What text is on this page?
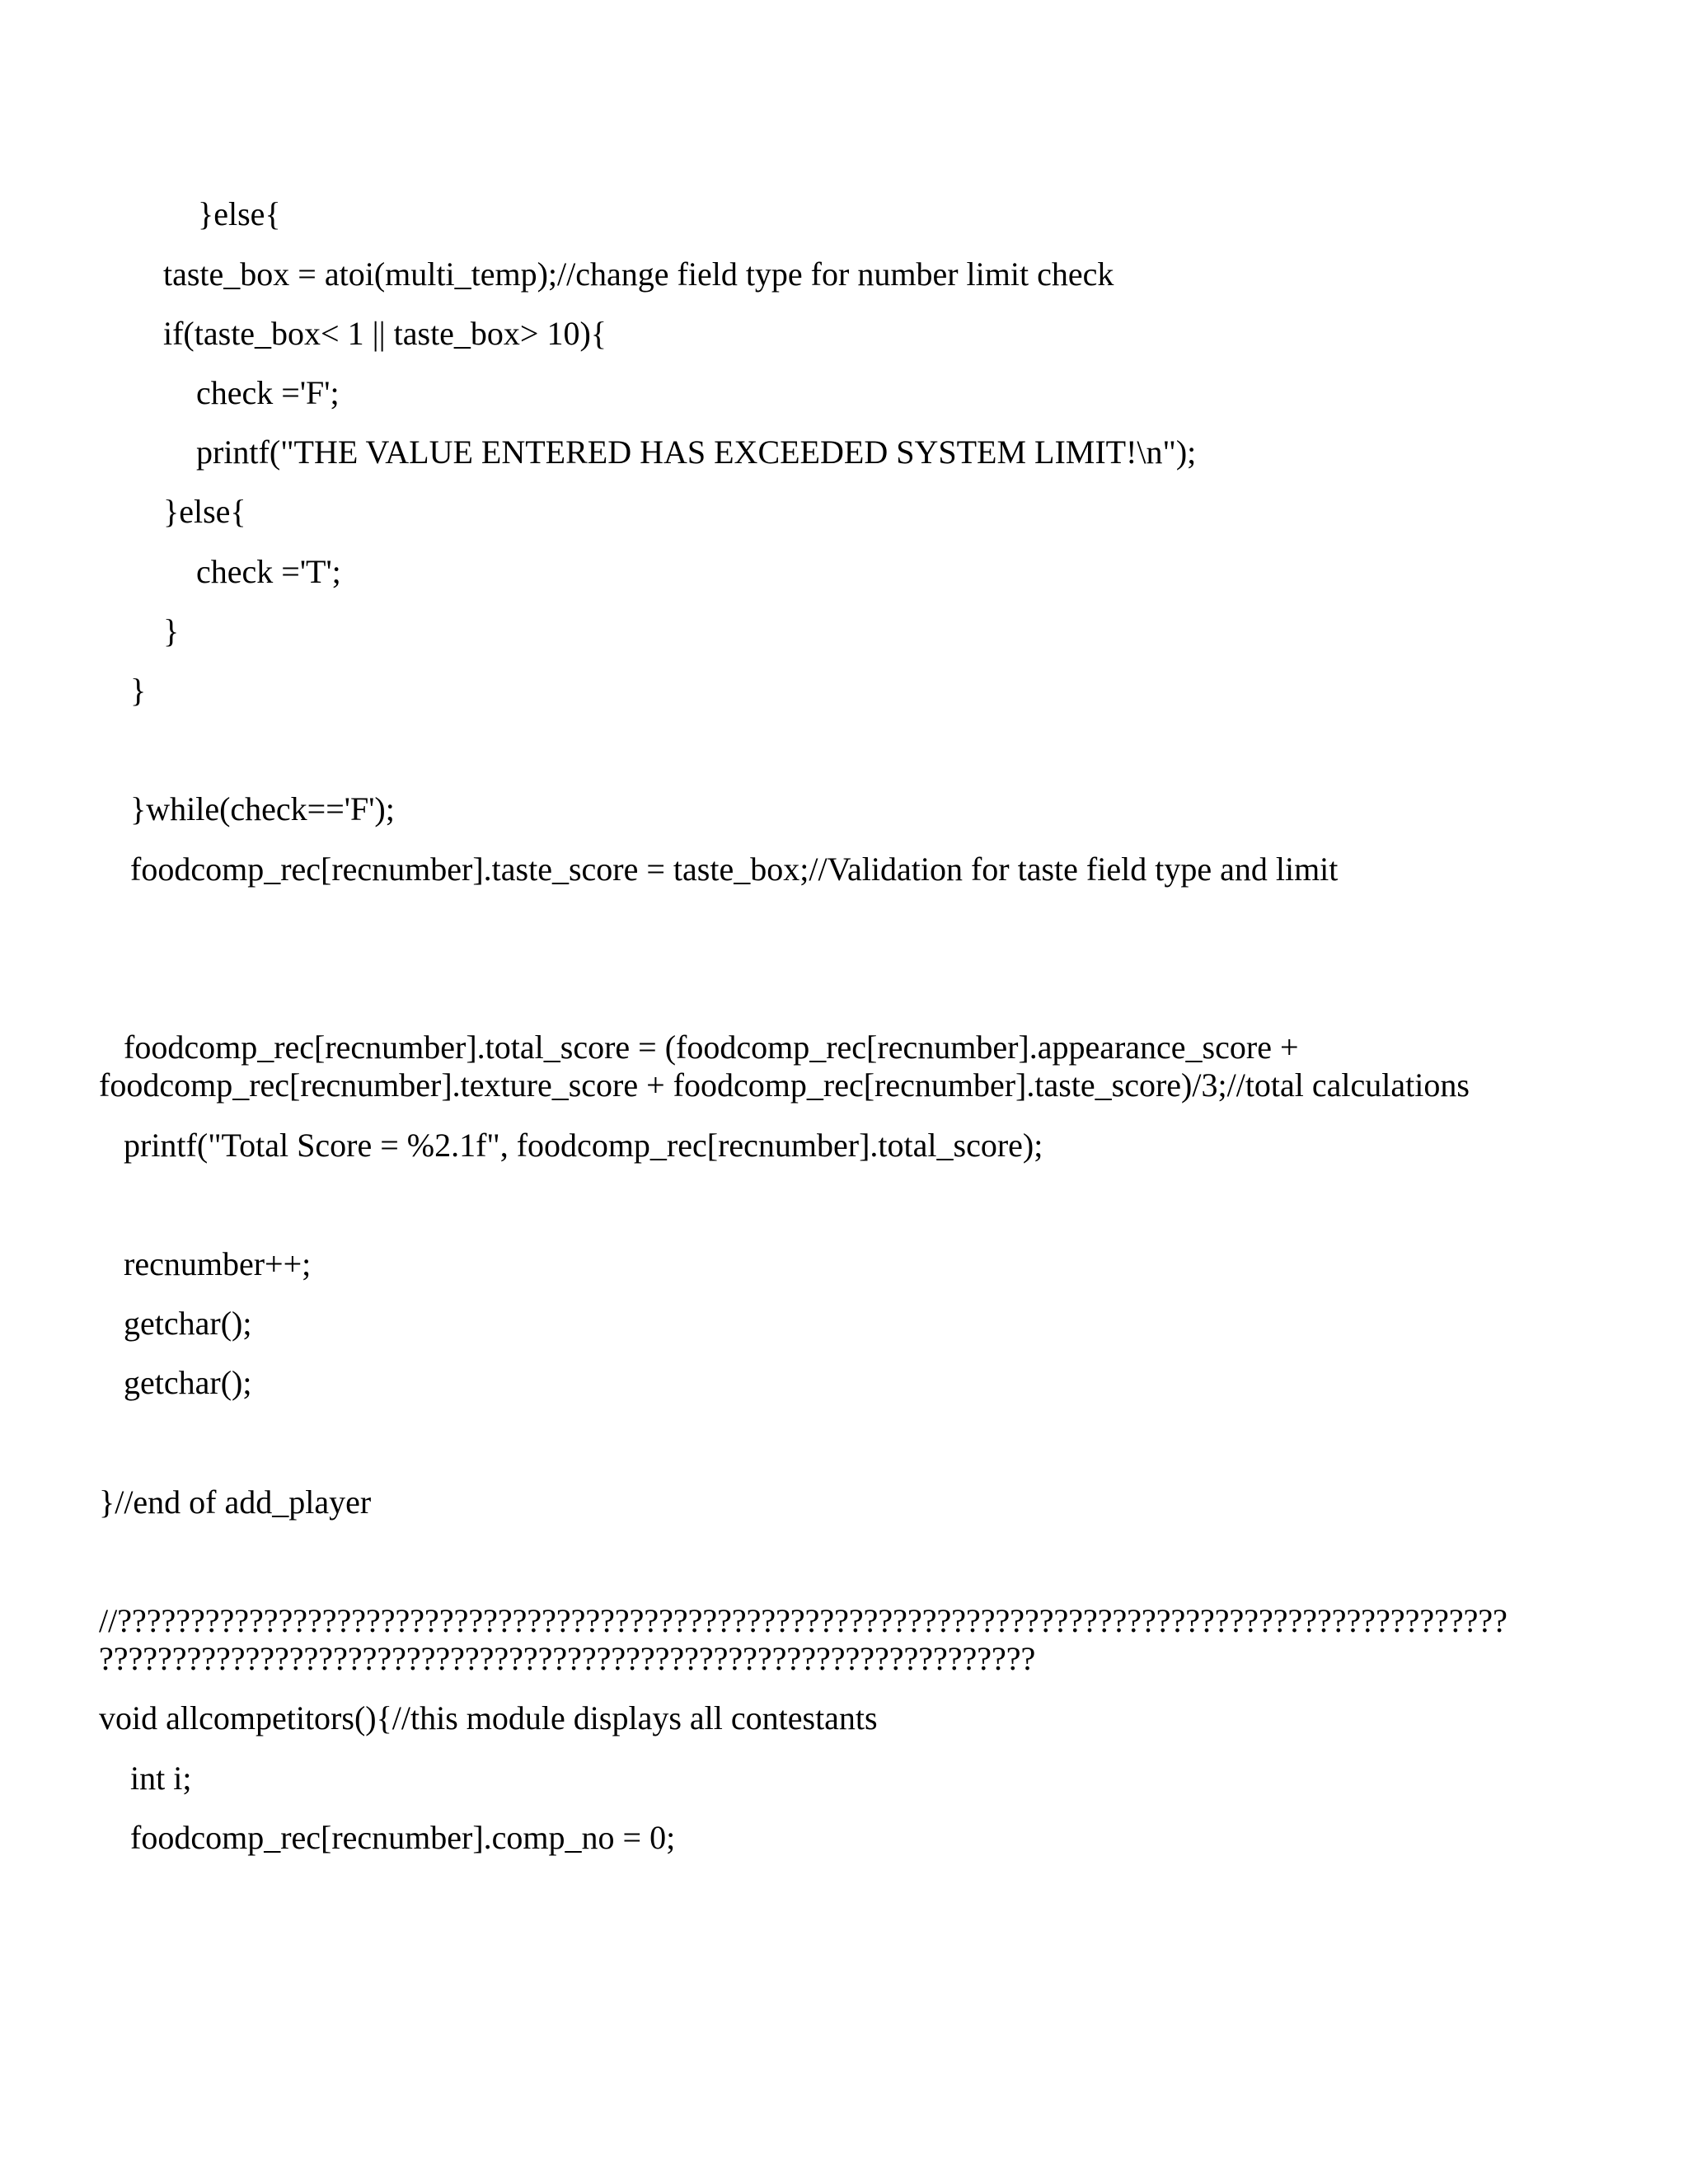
}else{
taste_box = atoi(multi_temp);//change field type for number limit check
if(taste_box< 1 || taste_box> 10){
check ='F';
printf("THE VALUE ENTERED HAS EXCEEDED SYSTEM LIMIT!\n");
}else{
check ='T';
}
}
}while(check=='F');
foodcomp_rec[recnumber].taste_score = taste_box;//Validation for taste field type and limit
foodcomp_rec[recnumber].total_score = (foodcomp_rec[recnumber].appearance_score +
foodcomp_rec[recnumber].texture_score + foodcomp_rec[recnumber].taste_score)/3;//total calculations
printf("Total Score = %2.1f", foodcomp_rec[recnumber].total_score);
recnumber++;
getchar();
getchar();
}//end of add_player
//???????????????????????????????????????????????????????????????????????????????????????????????
????????????????????????????????????????????????????????????????
void allcompetitors(){//this module displays all contestants
int i;
foodcomp_rec[recnumber].comp_no = 0;
